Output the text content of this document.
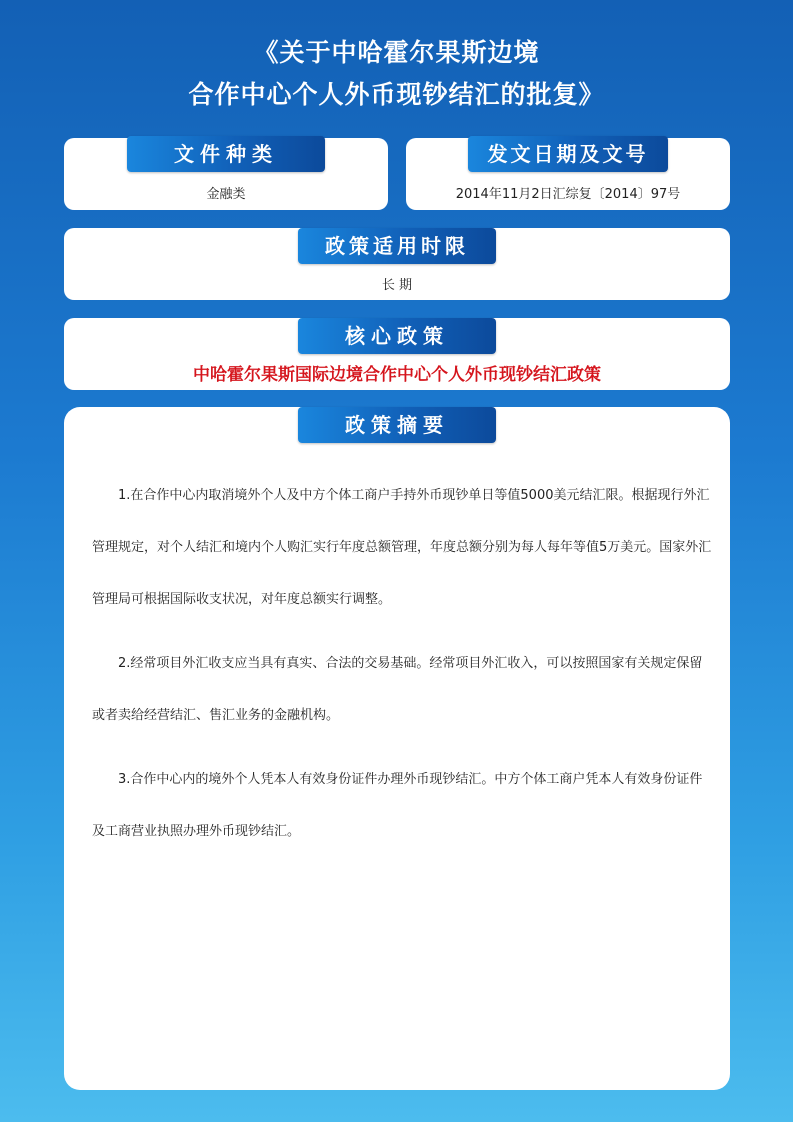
《关于中哈霍尔果斯边境
合作中心个人外币现钞结汇的批复》
文件种类
金融类
发文日期及文号
2014年11月2日汇综复〔2014〕97号
政策适用时限
长 期
核心政策
中哈霍尔果斯国际边境合作中心个人外币现钞结汇政策
政策摘要

1.在合作中心内取消境外个人及中方个体工商户手持外币现钞单日等值5000美元结汇限。根据现行外汇管理规定，对个人结汇和境内个人购汇实行年度总额管理，年度总额分别为每人每年等值5万美元。国家外汇管理局可根据国际收支状况，对年度总额实行调整。

2.经常项目外汇收支应当具有真实、合法的交易基础。经常项目外汇收入，可以按照国家有关规定保留或者卖给经营结汇、售汇业务的金融机构。

3.合作中心内的境外个人凭本人有效身份证件办理外币现钞结汇。中方个体工商户凭本人有效身份证件及工商营业执照办理外币现钞结汇。
